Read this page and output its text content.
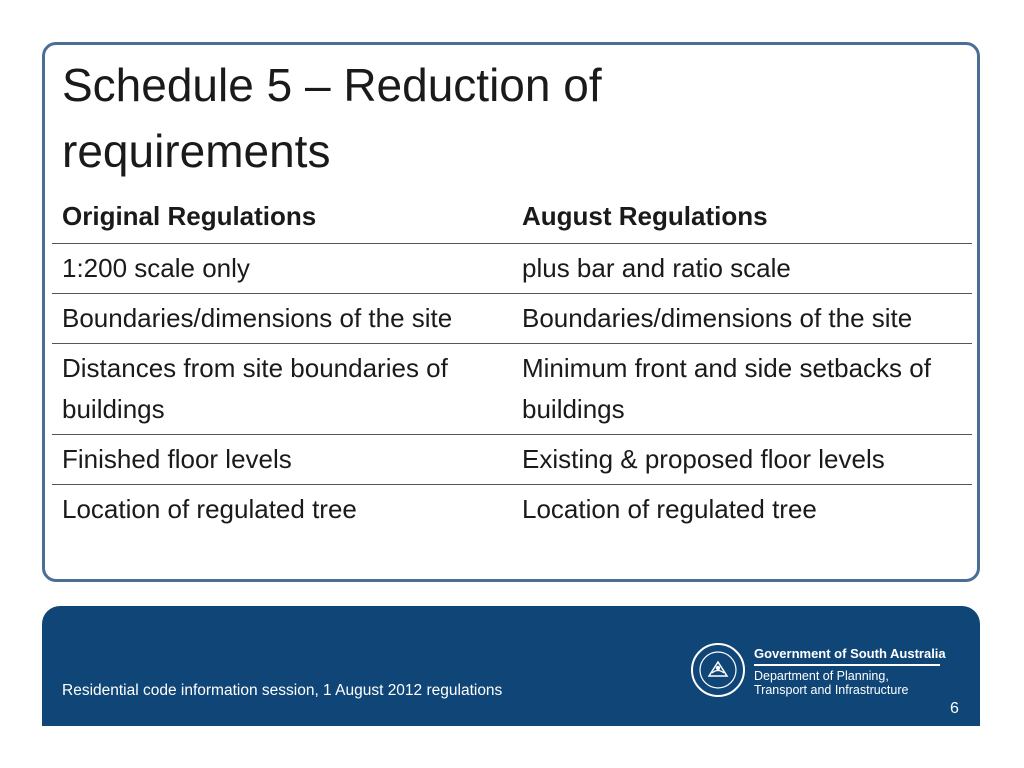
Schedule 5 – Reduction of requirements
Original Regulations	August Regulations
1:200 scale only	plus bar and ratio scale
Boundaries/dimensions of the site	Boundaries/dimensions of the site
Distances from site boundaries of buildings	Minimum front and side setbacks of buildings
Finished floor levels	Existing & proposed floor levels
Location of regulated tree	Location of regulated tree
Residential code information session, 1 August 2012 regulations
Government of South Australia
Department of Planning,
Transport and Infrastructure
6
